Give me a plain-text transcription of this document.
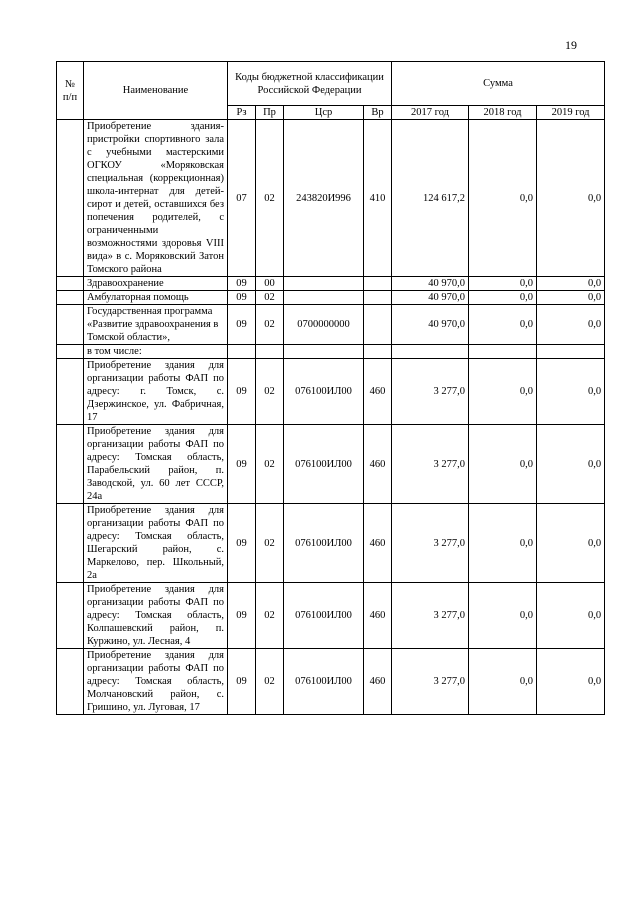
19
№ п/п	Наименование	Коды бюджетной классификации Российской Федерации				Сумма		
		Рз	Пр	Цср	Вр	2017 год	2018 год	2019 год
	Приобретение здания-пристройки спортивного зала с учебными мастерскими ОГКОУ «Моряковская специальная (коррекционная) школа-интернат для детей-сирот и детей, оставшихся без попечения родителей, с ограниченными возможностями здоровья VIII вида» в с. Моряковский Затон Томского района	07	02	243820И996	410	124 617,2	0,0	0,0
	Здравоохранение	09	00			40 970,0	0,0	0,0
	Амбулаторная помощь	09	02			40 970,0	0,0	0,0
	Государственная программа «Развитие здравоохранения в Томской области»,	09	02	0700000000		40 970,0	0,0	0,0
	в том числе:							
	Приобретение здания для организации работы ФАП по адресу: г. Томск, с. Дзержинское, ул. Фабричная, 17	09	02	076100ИЛ00	460	3 277,0	0,0	0,0
	Приобретение здания для организации работы ФАП по адресу: Томская область, Парабельский район, п. Заводской, ул. 60 лет СССР, 24а	09	02	076100ИЛ00	460	3 277,0	0,0	0,0
	Приобретение здания для организации работы ФАП по адресу: Томская область, Шегарский район, с. Маркелово, пер. Школьный, 2а	09	02	076100ИЛ00	460	3 277,0	0,0	0,0
	Приобретение здания для организации работы ФАП по адресу: Томская область, Колпашевский район, п. Куржино, ул. Лесная, 4	09	02	076100ИЛ00	460	3 277,0	0,0	0,0
	Приобретение здания для организации работы ФАП по адресу: Томская область, Молчановский район, с. Гришино, ул. Луговая, 17	09	02	076100ИЛ00	460	3 277,0	0,0	0,0
